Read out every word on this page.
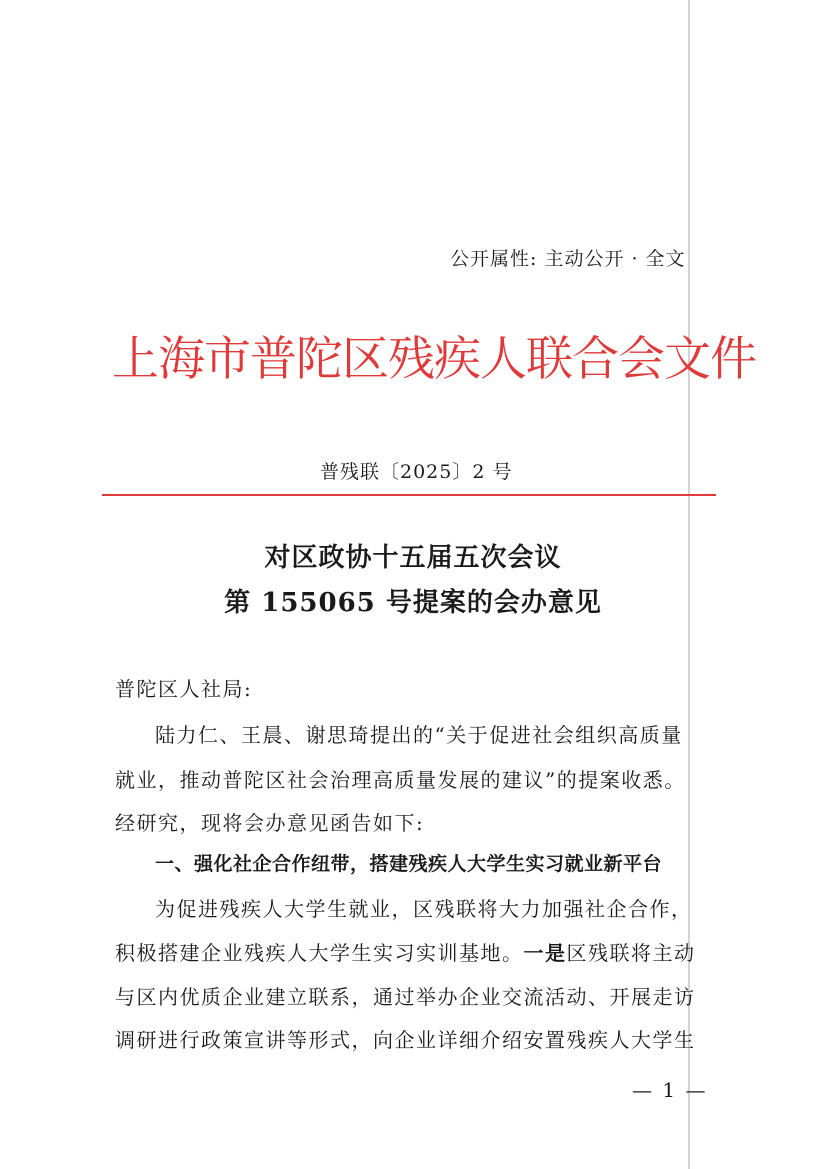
公开属性: 主动公开 · 全文
上海市普陀区残疾人联合会文件
普残联〔2025〕2 号
对区政协十五届五次会议
第 155065 号提案的会办意见
普陀区人社局:
陆力仁、王晨、谢思琦提出的“关于促进社会组织高质量
就业，推动普陀区社会治理高质量发展的建议”的提案收悉。
经研究，现将会办意见函告如下:
一、强化社企合作纽带，搭建残疾人大学生实习就业新平台
为促进残疾人大学生就业，区残联将大力加强社企合作，
积极搭建企业残疾人大学生实习实训基地。一是区残联将主动
与区内优质企业建立联系，通过举办企业交流活动、开展走访
调研进行政策宣讲等形式，向企业详细介绍安置残疾人大学生
— 1 —
